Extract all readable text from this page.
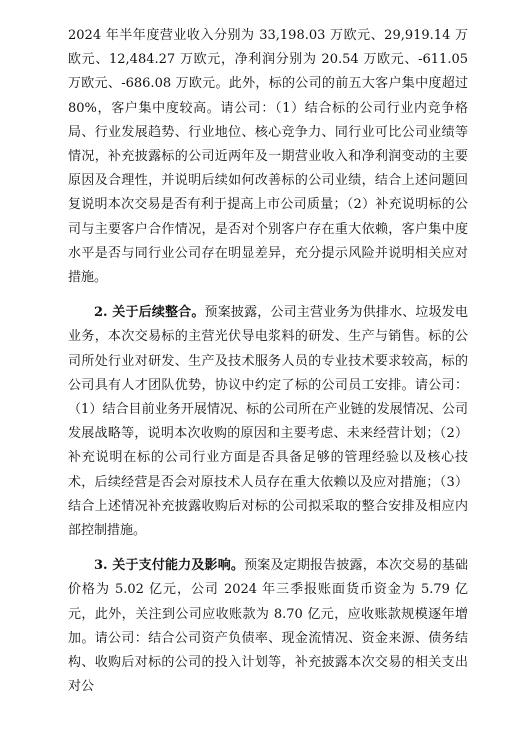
2024 年半年度营业收入分别为 33,198.03 万欧元、29,919.14 万欧元、12,484.27 万欧元，净利润分别为 20.54 万欧元、-611.05 万欧元、-686.08 万欧元。此外，标的公司的前五大客户集中度超过 80%，客户集中度较高。请公司：（1）结合标的公司行业内竞争格局、行业发展趋势、行业地位、核心竞争力、同行业可比公司业绩等情况，补充披露标的公司近两年及一期营业收入和净利润变动的主要原因及合理性，并说明后续如何改善标的公司业绩，结合上述问题回复说明本次交易是否有利于提高上市公司质量；（2）补充说明标的公司与主要客户合作情况，是否对个别客户存在重大依赖，客户集中度水平是否与同行业公司存在明显差异，充分提示风险并说明相关应对措施。

2. 关于后续整合。预案披露，公司主营业务为供排水、垃圾发电业务，本次交易标的主营光伏导电浆料的研发、生产与销售。标的公司所处行业对研发、生产及技术服务人员的专业技术要求较高，标的公司具有人才团队优势，协议中约定了标的公司员工安排。请公司：（1）结合目前业务开展情况、标的公司所在产业链的发展情况、公司发展战略等，说明本次收购的原因和主要考虑、未来经营计划；（2）补充说明在标的公司行业方面是否具备足够的管理经验以及核心技术，后续经营是否会对原技术人员存在重大依赖以及应对措施；（3）结合上述情况补充披露收购后对标的公司拟采取的整合安排及相应内部控制措施。

3. 关于支付能力及影响。预案及定期报告披露，本次交易的基础价格为 5.02 亿元，公司 2024 年三季报账面货币资金为 5.79 亿元，此外，关注到公司应收账款为 8.70 亿元，应收账款规模逐年增加。请公司：结合公司资产负债率、现金流情况、资金来源、债务结构、收购后对标的公司的投入计划等，补充披露本次交易的相关支出对公
